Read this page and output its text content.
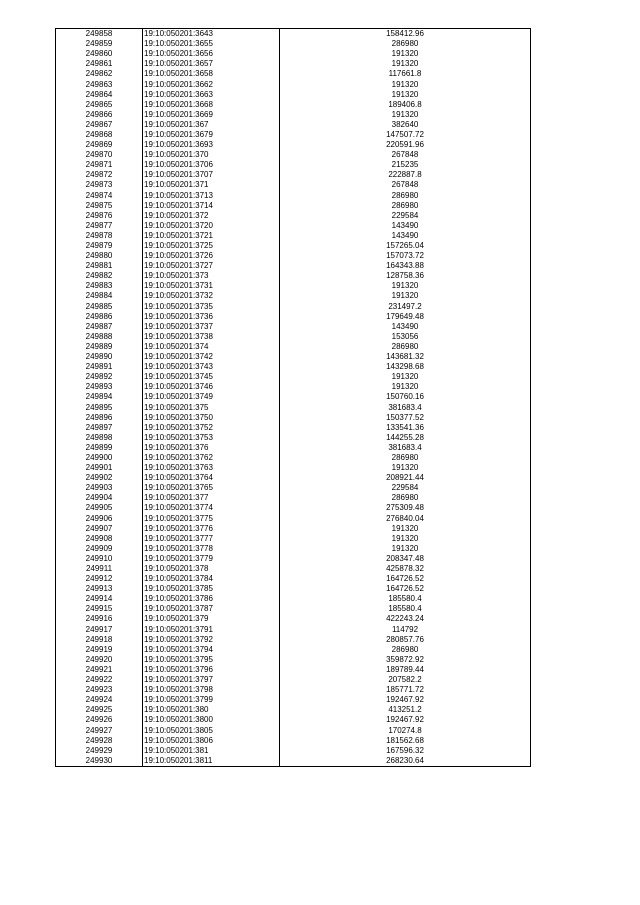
249858	19:10:050201:3643	158412.96
249859	19:10:050201:3655	286980
249860	19:10:050201:3656	191320
249861	19:10:050201:3657	191320
249862	19:10:050201:3658	117661.8
249863	19:10:050201:3662	191320
249864	19:10:050201:3663	191320
249865	19:10:050201:3668	189406.8
249866	19:10:050201:3669	191320
249867	19:10:050201:367	382640
249868	19:10:050201:3679	147507.72
249869	19:10:050201:3693	220591.96
249870	19:10:050201:370	267848
249871	19:10:050201:3706	215235
249872	19:10:050201:3707	222887.8
249873	19:10:050201:371	267848
249874	19:10:050201:3713	286980
249875	19:10:050201:3714	286980
249876	19:10:050201:372	229584
249877	19:10:050201:3720	143490
249878	19:10:050201:3721	143490
249879	19:10:050201:3725	157265.04
249880	19:10:050201:3726	157073.72
249881	19:10:050201:3727	164343.88
249882	19:10:050201:373	128758.36
249883	19:10:050201:3731	191320
249884	19:10:050201:3732	191320
249885	19:10:050201:3735	231497.2
249886	19:10:050201:3736	179649.48
249887	19:10:050201:3737	143490
249888	19:10:050201:3738	153056
249889	19:10:050201:374	286980
249890	19:10:050201:3742	143681.32
249891	19:10:050201:3743	143298.68
249892	19:10:050201:3745	191320
249893	19:10:050201:3746	191320
249894	19:10:050201:3749	150760.16
249895	19:10:050201:375	381683.4
249896	19:10:050201:3750	150377.52
249897	19:10:050201:3752	133541.36
249898	19:10:050201:3753	144255.28
249899	19:10:050201:376	381683.4
249900	19:10:050201:3762	286980
249901	19:10:050201:3763	191320
249902	19:10:050201:3764	208921.44
249903	19:10:050201:3765	229584
249904	19:10:050201:377	286980
249905	19:10:050201:3774	275309.48
249906	19:10:050201:3775	276840.04
249907	19:10:050201:3776	191320
249908	19:10:050201:3777	191320
249909	19:10:050201:3778	191320
249910	19:10:050201:3779	208347.48
249911	19:10:050201:378	425878.32
249912	19:10:050201:3784	164726.52
249913	19:10:050201:3785	164726.52
249914	19:10:050201:3786	185580.4
249915	19:10:050201:3787	185580.4
249916	19:10:050201:379	422243.24
249917	19:10:050201:3791	114792
249918	19:10:050201:3792	280857.76
249919	19:10:050201:3794	286980
249920	19:10:050201:3795	359872.92
249921	19:10:050201:3796	189789.44
249922	19:10:050201:3797	207582.2
249923	19:10:050201:3798	185771.72
249924	19:10:050201:3799	192467.92
249925	19:10:050201:380	413251.2
249926	19:10:050201:3800	192467.92
249927	19:10:050201:3805	170274.8
249928	19:10:050201:3806	181562.68
249929	19:10:050201:381	167596.32
249930	19:10:050201:3811	268230.64
